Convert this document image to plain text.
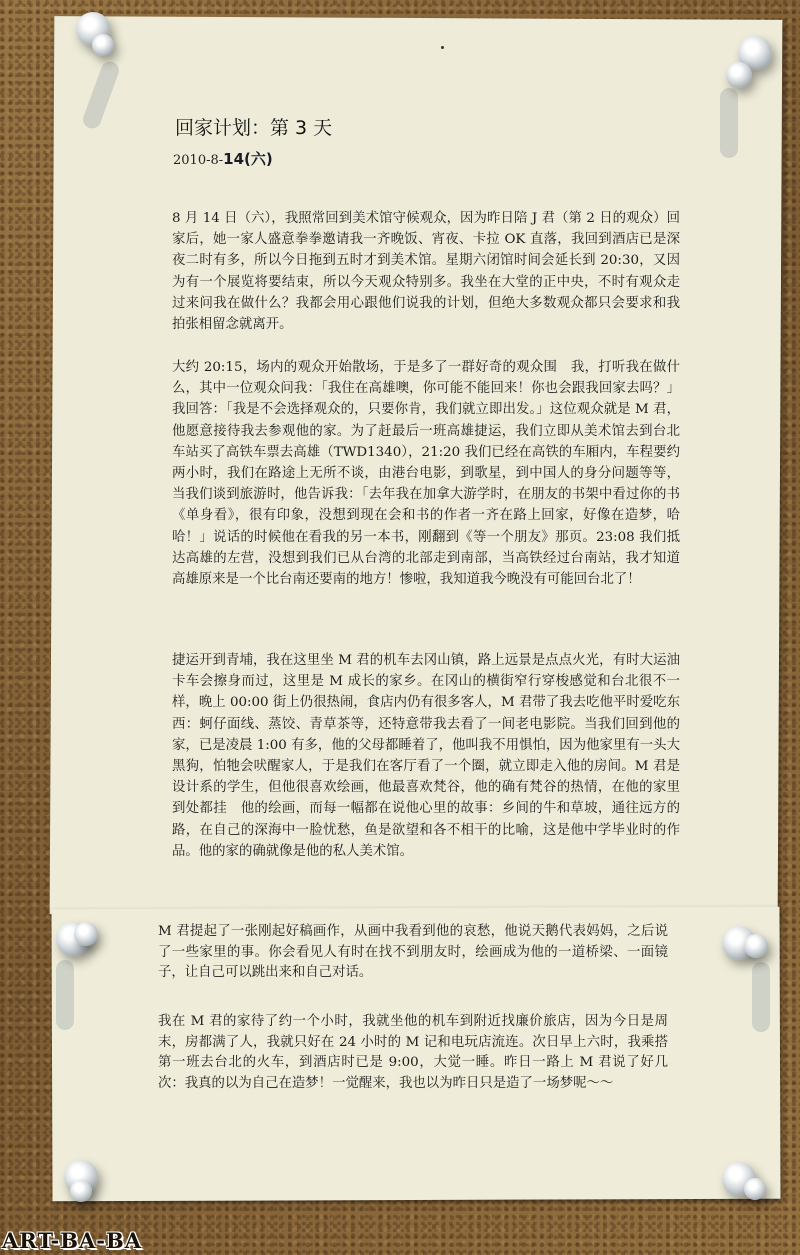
回家计划：第 3 天
2010-8-14(六)

8 月 14 日（六），我照常回到美术馆守候观众，因为昨日陪 J 君（第 2 日的观众）回家后，她一家人盛意拳拳邀请我一齐晚饭、宵夜、卡拉 OK 直落，我回到酒店已是深夜二时有多，所以今日拖到五时才到美术馆。星期六闭馆时间会延长到 20:30，又因为有一个展览将要结束，所以今天观众特别多。我坐在大堂的正中央，不时有观众走过来问我在做什么？我都会用心跟他们说我的计划，但绝大多数观众都只会要求和我拍张相留念就离开。

大约 20:15，场内的观众开始散场，于是多了一群好奇的观众围　我，打听我在做什么，其中一位观众问我：「我住在高雄噢，你可能不能回来！你也会跟我回家去吗？」我回答：「我是不会选择观众的，只要你肯，我们就立即出发。」这位观众就是 M 君，他愿意接待我去参观他的家。为了赶最后一班高雄捷运，我们立即从美术馆去到台北车站买了高铁车票去高雄（TWD1340），21:20 我们已经在高铁的车厢内，车程要约两小时，我们在路途上无所不谈，由港台电影，到歌星，到中国人的身分问题等等，当我们谈到旅游时，他告诉我：「去年我在加拿大游学时，在朋友的书架中看过你的书《单身看》，很有印象，没想到现在会和书的作者一齐在路上回家，好像在造梦，哈哈！」说话的时候他在看我的另一本书，刚翻到《等一个朋友》那页。23:08 我们抵达高雄的左营，没想到我们已从台湾的北部走到南部，当高铁经过台南站，我才知道高雄原来是一个比台南还要南的地方！惨啦，我知道我今晚没有可能回台北了！

捷运开到青埔，我在这里坐 M 君的机车去冈山镇，路上远景是点点火光，有时大运油卡车会擦身而过，这里是 M 成长的家乡。在冈山的横街窄行穿梭感觉和台北很不一样，晚上 00:00 街上仍很热闹，食店内仍有很多客人，M 君带了我去吃他平时爱吃东西：蚵仔面线、蒸饺、青草茶等，还特意带我去看了一间老电影院。当我们回到他的家，已是凌晨 1:00 有多，他的父母都睡着了，他叫我不用惧怕，因为他家里有一头大黑狗，怕牠会吠醒家人，于是我们在客厅看了一个圈，就立即走入他的房间。M 君是设计系的学生，但他很喜欢绘画，他最喜欢梵谷，他的确有梵谷的热情，在他的家里到处都挂　他的绘画，而每一幅都在说他心里的故事：乡间的牛和草坡，通往远方的路，在自己的深海中一脸忧愁，鱼是欲望和各不相干的比喻，这是他中学毕业时的作品。他的家的确就像是他的私人美术馆。

M 君提起了一张刚起好稿画作，从画中我看到他的哀愁，他说天鹅代表妈妈，之后说了一些家里的事。你会看见人有时在找不到朋友时，绘画成为他的一道桥梁、一面镜子，让自己可以跳出来和自己对话。

我在 M 君的家待了约一个小时，我就坐他的机车到附近找廉价旅店，因为今日是周末，房都满了人，我就只好在 24 小时的 M 记和电玩店流连。次日早上六时，我乘搭第一班去台北的火车，到酒店时已是 9:00，大觉一睡。昨日一路上 M 君说了好几次：我真的以为自己在造梦！一觉醒来，我也以为昨日只是造了一场梦呢～～

ART-BA-BA
